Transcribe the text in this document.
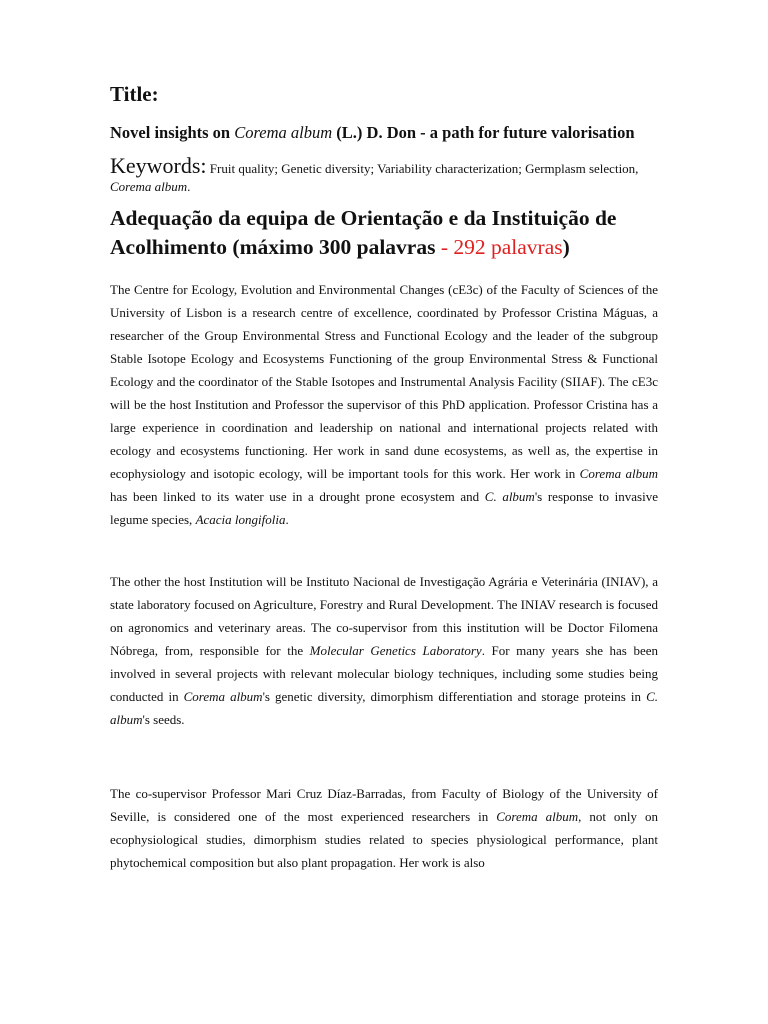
Title:

Novel insights on Corema album (L.) D. Don - a path for future valorisation

Keywords: Fruit quality; Genetic diversity; Variability characterization; Germplasm selection, Corema album.

Adequação da equipa de Orientação e da Instituição de Acolhimento (máximo 300 palavras - 292 palavras)

The Centre for Ecology, Evolution and Environmental Changes (cE3c) of the Faculty of Sciences of the University of Lisbon is a research centre of excellence, coordinated by Professor Cristina Máguas, a researcher of the Group Environmental Stress and Functional Ecology and the leader of the subgroup Stable Isotope Ecology and Ecosystems Functioning of the group Environmental Stress & Functional Ecology and the coordinator of the Stable Isotopes and Instrumental Analysis Facility (SIIAF). The cE3c will be the host Institution and Professor the supervisor of this PhD application. Professor Cristina has a large experience in coordination and leadership on national and international projects related with ecology and ecosystems functioning. Her work in sand dune ecosystems, as well as, the expertise in ecophysiology and isotopic ecology, will be important tools for this work. Her work in Corema album has been linked to its water use in a drought prone ecosystem and C. album's response to invasive legume species, Acacia longifolia.

The other the host Institution will be Instituto Nacional de Investigação Agrária e Veterinária (INIAV), a state laboratory focused on Agriculture, Forestry and Rural Development. The INIAV research is focused on agronomics and veterinary areas. The co-supervisor from this institution will be Doctor Filomena Nóbrega, from, responsible for the Molecular Genetics Laboratory. For many years she has been involved in several projects with relevant molecular biology techniques, including some studies being conducted in Corema album's genetic diversity, dimorphism differentiation and storage proteins in C. album's seeds.

The co-supervisor Professor Mari Cruz Díaz-Barradas, from Faculty of Biology of the University of Seville, is considered one of the most experienced researchers in Corema album, not only on ecophysiological studies, dimorphism studies related to species physiological performance, plant phytochemical composition but also plant propagation. Her work is also
